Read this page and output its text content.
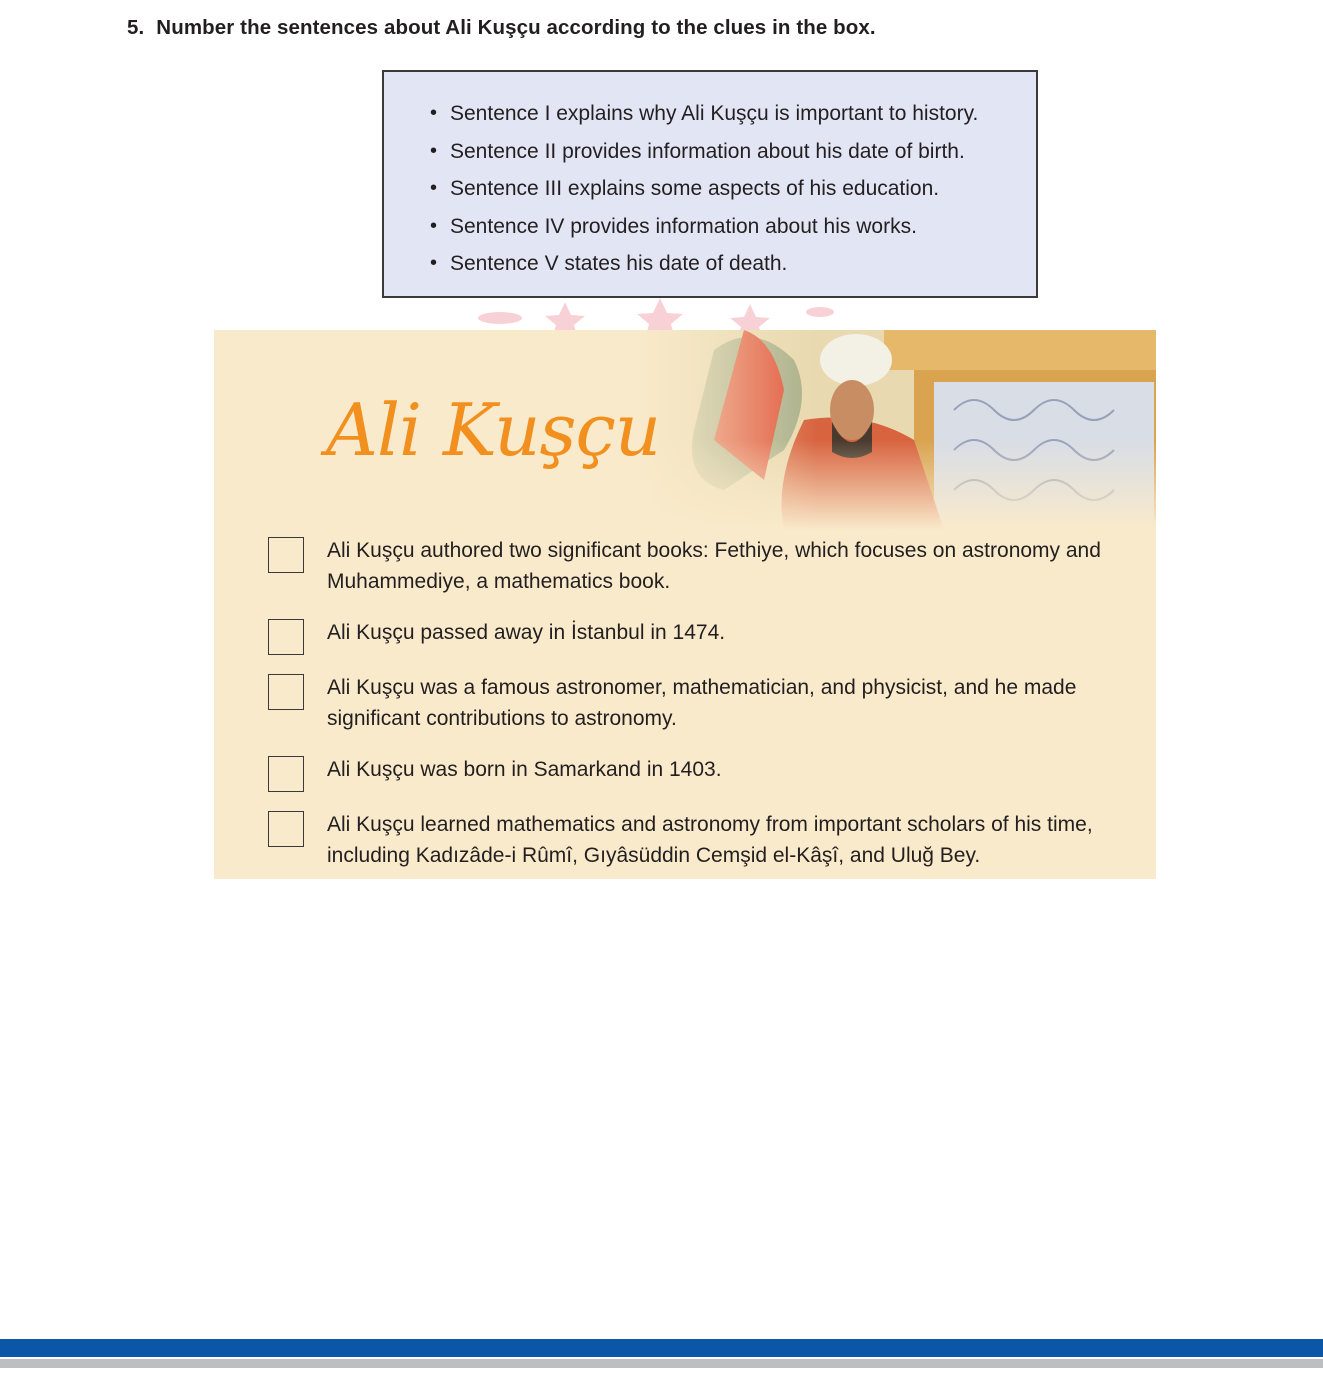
5. Number the sentences about Ali Kuşçu according to the clues in the box.
• Sentence I explains why Ali Kuşçu is important to history.
• Sentence II provides information about his date of birth.
• Sentence III explains some aspects of his education.
• Sentence IV provides information about his works.
• Sentence V states his date of death.
Ali Kuşçu
Ali Kuşçu authored two significant books: Fethiye, which focuses on astronomy and Muhammediye, a mathematics book.
Ali Kuşçu passed away in İstanbul in 1474.
Ali Kuşçu was a famous astronomer, mathematician, and physicist, and he made significant contributions to astronomy.
Ali Kuşçu was born in Samarkand in 1403.
Ali Kuşçu learned mathematics and astronomy from important scholars of his time, including Kadızâde-i Rûmî, Gıyâsüddin Cemşid el-Kâşî, and Uluğ Bey.
